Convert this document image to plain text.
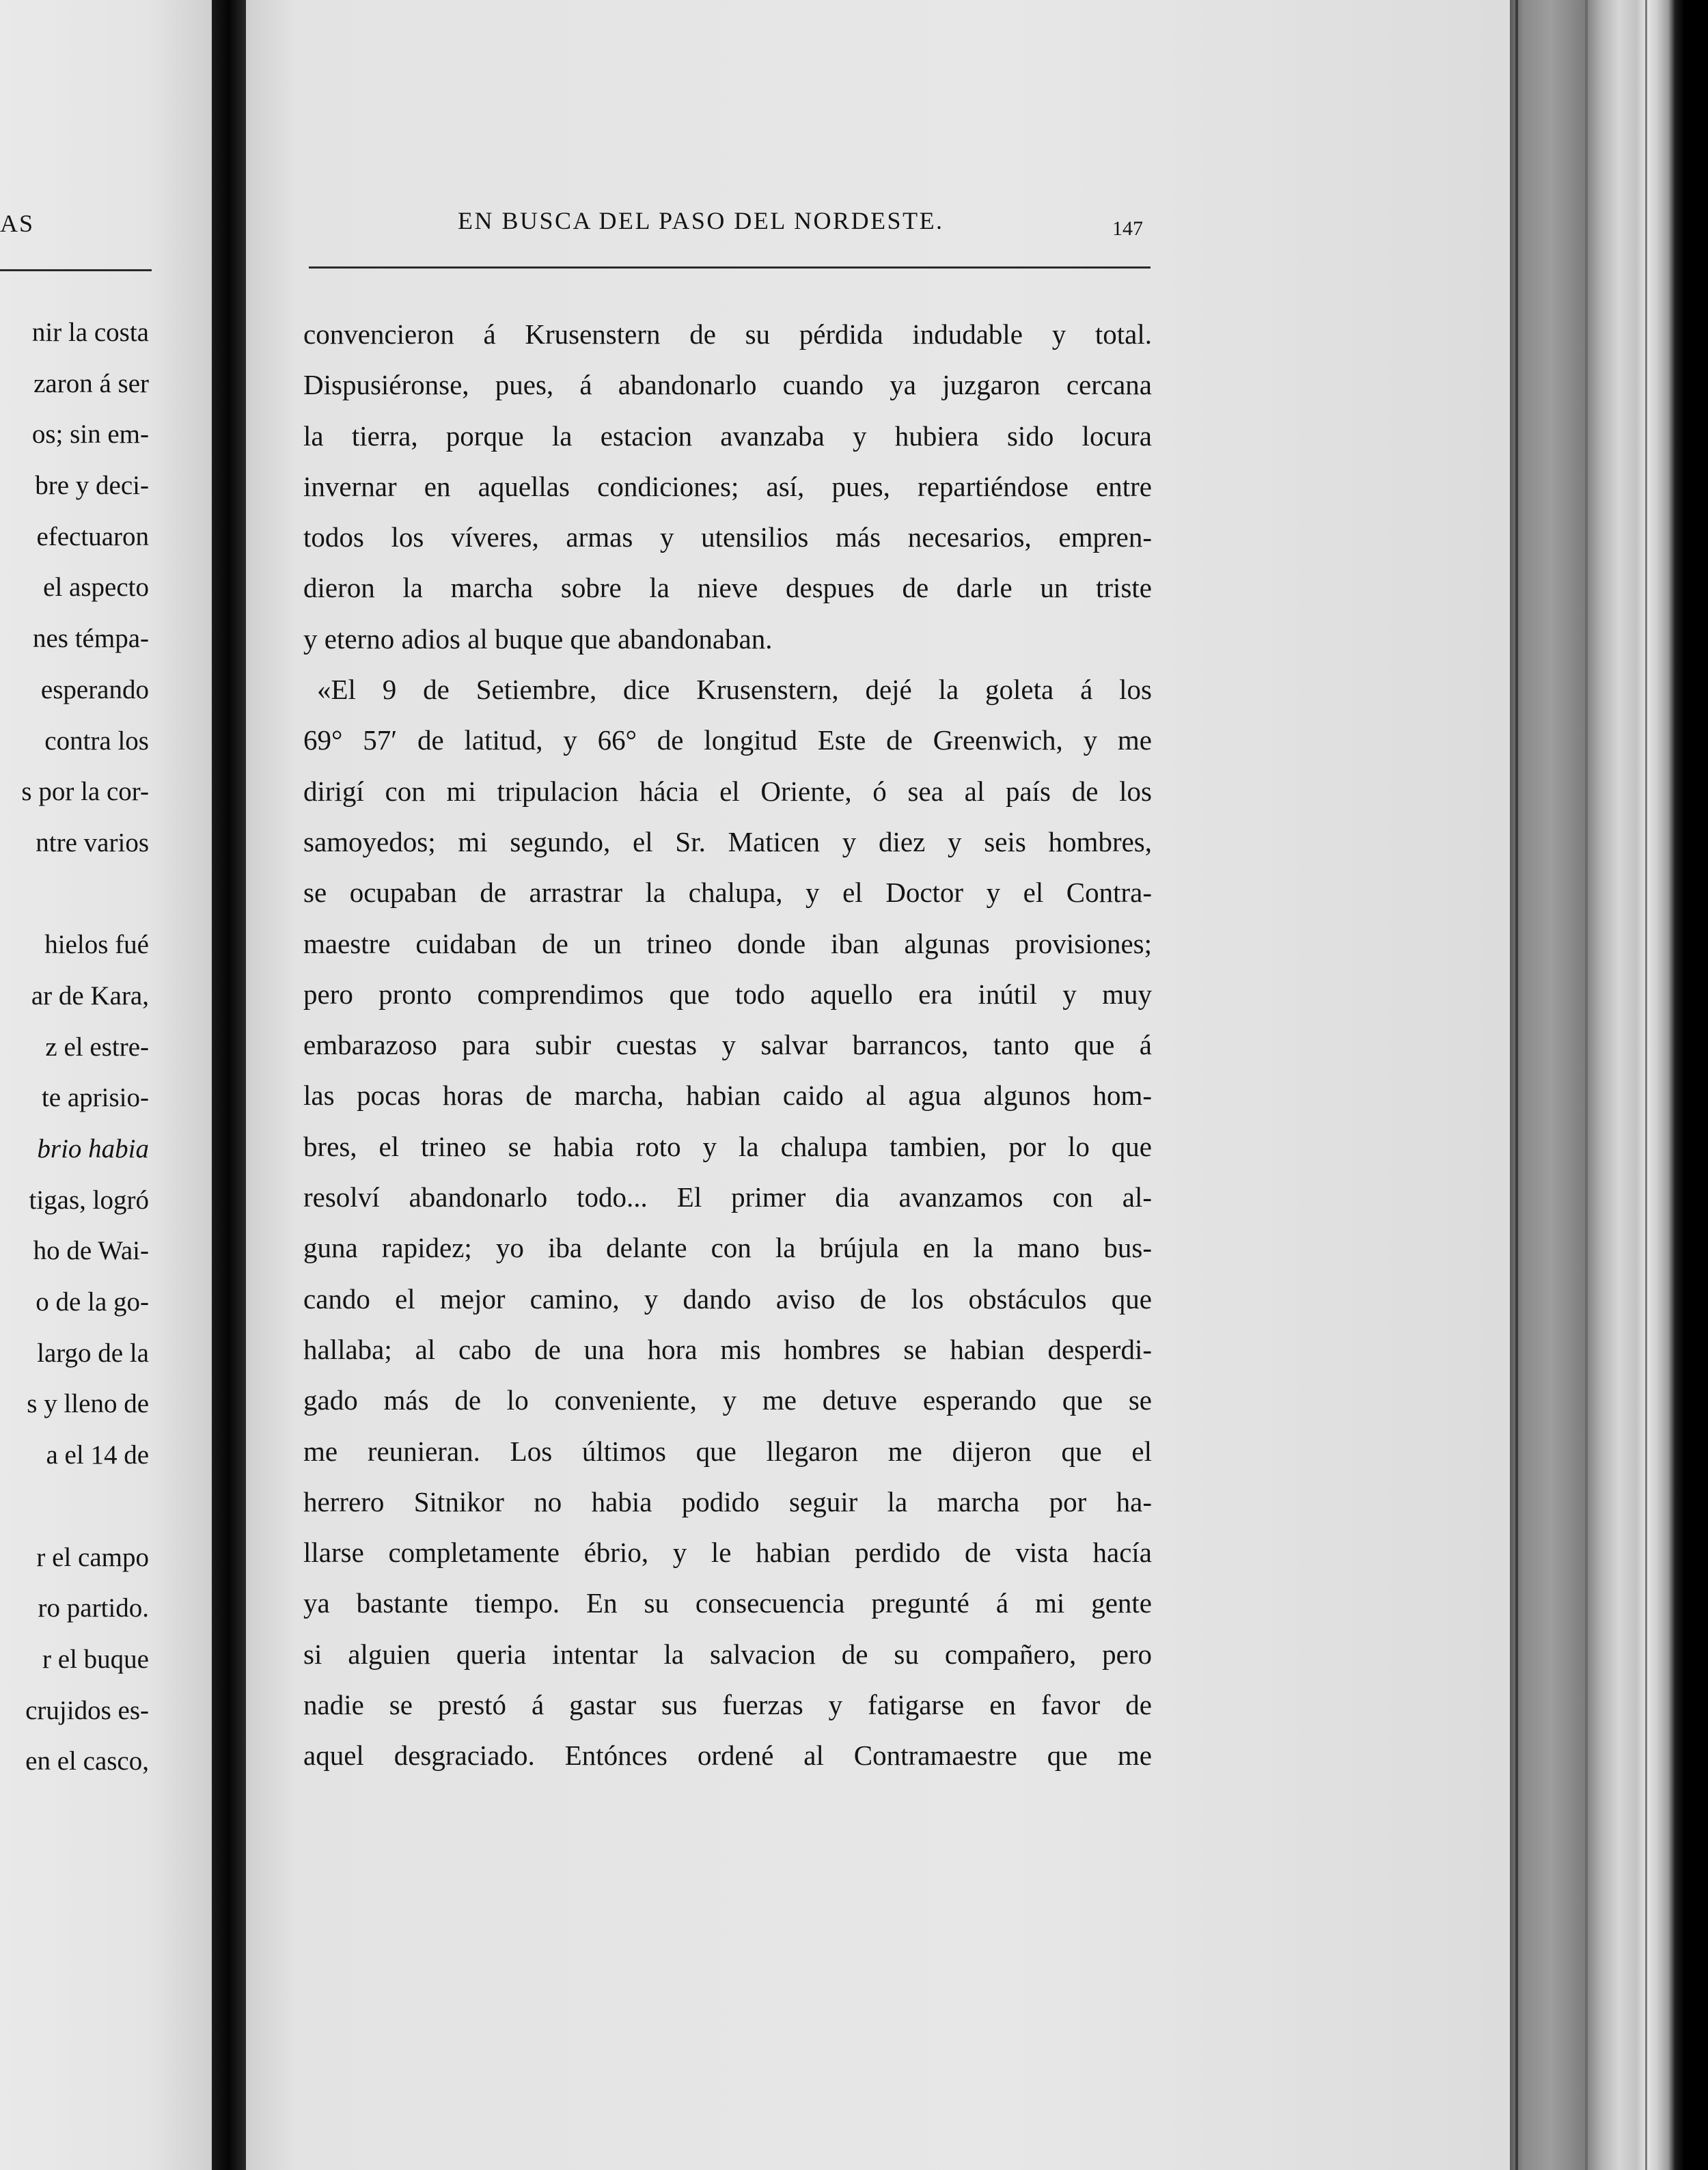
AS
nir la costa
zaron á ser
os; sin em-
bre y deci-
efectuaron
el aspecto
nes témpa-
esperando
contra los
s por la cor-
ntre varios
hielos fué
ar de Kara,
z el estre-
te aprisio-
brio habia
tigas, logró
ho de Wai-
o de la go-
largo de la
s y lleno de
a el 14 de
r el campo
ro partido.
r el buque
crujidos es-
en el casco,
EN BUSCA DEL PASO DEL NORDESTE.	147
convencieron á Krusenstern de su pérdida indudable y total.
Dispusiéronse, pues, á abandonarlo cuando ya juzgaron cercana
la tierra, porque la estacion avanzaba y hubiera sido locura
invernar en aquellas condiciones; así, pues, repartiéndose entre
todos los víveres, armas y utensilios más necesarios, empren-
dieron la marcha sobre la nieve despues de darle un triste
y eterno adios al buque que abandonaban.
«El 9 de Setiembre, dice Krusenstern, dejé la goleta á los
69° 57′ de latitud, y 66° de longitud Este de Greenwich, y me
dirigí con mi tripulacion hácia el Oriente, ó sea al país de los
samoyedos; mi segundo, el Sr. Maticen y diez y seis hombres,
se ocupaban de arrastrar la chalupa, y el Doctor y el Contra-
maestre cuidaban de un trineo donde iban algunas provisiones;
pero pronto comprendimos que todo aquello era inútil y muy
embarazoso para subir cuestas y salvar barrancos, tanto que á
las pocas horas de marcha, habian caido al agua algunos hom-
bres, el trineo se habia roto y la chalupa tambien, por lo que
resolví abandonarlo todo... El primer dia avanzamos con al-
guna rapidez; yo iba delante con la brújula en la mano bus-
cando el mejor camino, y dando aviso de los obstáculos que
hallaba; al cabo de una hora mis hombres se habian desperdi-
gado más de lo conveniente, y me detuve esperando que se
me reunieran. Los últimos que llegaron me dijeron que el
herrero Sitnikor no habia podido seguir la marcha por ha-
llarse completamente ébrio, y le habian perdido de vista hacía
ya bastante tiempo. En su consecuencia pregunté á mi gente
si alguien queria intentar la salvacion de su compañero, pero
nadie se prestó á gastar sus fuerzas y fatigarse en favor de
aquel desgraciado. Entónces ordené al Contramaestre que me
